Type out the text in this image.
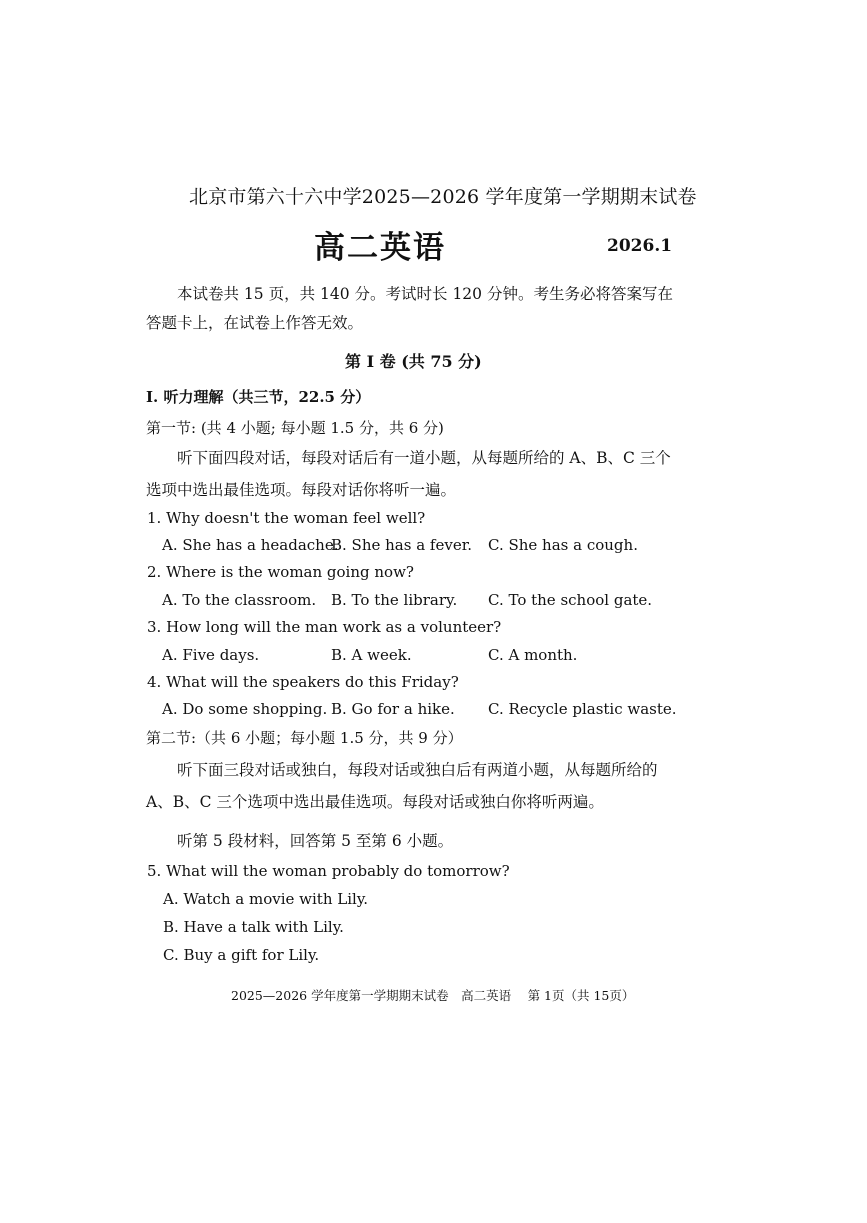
北京市第六十六中学2025—2026 学年度第一学期期末试卷
高二英语	2026.1
本试卷共 15 页，共 140 分。考试时长 120 分钟。考生务必将答案写在答题卡上，在试卷上作答无效。
第 I 卷 (共 75 分)
I. 听力理解（共三节，22.5 分）
第一节: (共 4 小题; 每小题 1.5 分，共 6 分)
听下面四段对话，每段对话后有一道小题，从每题所给的 A、B、C 三个选项中选出最佳选项。每段对话你将听一遍。
1. Why doesn't the woman feel well?
A. She has a headache.
B. She has a fever. C. She has a cough.
2. Where is the woman going now?
A. To the classroom. B. To the library. C. To the school gate.
3. How long will the man work as a volunteer?
A. Five days.	B. A week.	C. A month.
4. What will the speakers do this Friday?
A. Do some shopping. B. Go for a hike. C. Recycle plastic waste.
第二节:（共 6 小题；每小题 1.5 分，共 9 分）
听下面三段对话或独白，每段对话或独白后有两道小题，从每题所给的 A、B、C 三个选项中选出最佳选项。每段对话或独白你将听两遍。
听第 5 段材料，回答第 5 至第 6 小题。
5. What will the woman probably do tomorrow?
A. Watch a movie with Lily.
B. Have a talk with Lily.
C. Buy a gift for Lily.
2025—2026 学年度第一学期期末试卷　高二英语　 第 1页（共 15页）
